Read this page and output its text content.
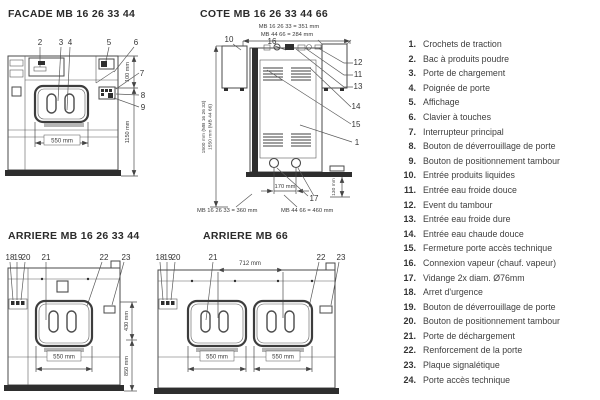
FACADE MB 16 26 33 44	COTE MB 16 26 33 44 66
ARRIERE MB 16 26 33 44	ARRIERE MB 66
2 3 4	5	6
550 mm
100 mm
1150 mm
7
8
9
MB 16 26 33 = 351 mm
MB 44 66 = 284 mm
10	16
12
11
13
14
15
1
1500 mm (MB 16 26 33) 1550 mm (MB 44 66)
170 mm
17
130 mm
MB 16 26 33 = 360 mm	MB 44 66 = 460 mm
18 19 20 21	22 23
550 mm
430 mm
850 mm
18 19 20	21	22 23
712 mm
550 mm	550 mm
1. Crochets de traction
2. Bac à produits poudre
3. Porte de chargement
4. Poignée de porte
5. Affichage
6. Clavier à touches
7. Interrupteur principal
8. Bouton de déverrouillage de porte
9. Bouton de positionnement tambour
10. Entrée produits liquides
11. Entrée eau froide douce
12. Event du tambour
13. Entrée eau froide dure
14. Entrée eau chaude douce
15. Fermeture porte accès technique
16. Connexion vapeur (chauf. vapeur)
17. Vidange 2x diam. Ø76mm
18. Arret d'urgence
19. Bouton de déverrouillage de porte
20. Bouton de positionnement tambour
21. Porte de déchargement
22. Renforcement de la porte
23. Plaque signalétique
24. Porte accès technique
